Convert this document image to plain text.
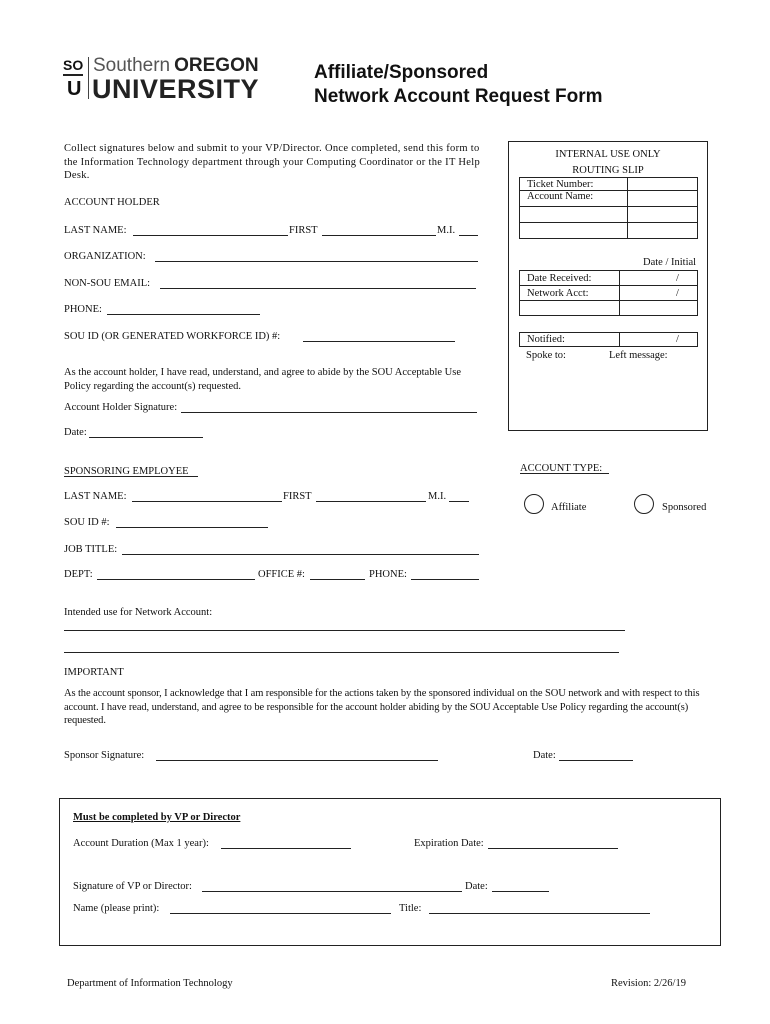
SO
U
Southern OREGON
UNIVERSITY
Affiliate/Sponsored
Network Account Request Form
Collect signatures below and submit to your VP/Director. Once completed, send this form to the Information Technology department through your Computing Coordinator or the IT Help Desk.
ACCOUNT HOLDER
LAST NAME:	FIRST	M.I.
ORGANIZATION:
NON-SOU EMAIL:
PHONE:
SOU ID (OR GENERATED WORKFORCE ID) #:
As the account holder, I have read, understand, and agree to abide by the SOU Acceptable Use Policy regarding the account(s) requested.
Account Holder Signature:
Date:
INTERNAL USE ONLY
ROUTING SLIP
Ticket Number:
Account Name:
Date / Initial
Date Received:	/
Network Acct:	/
Notified:	/
Spoke to:	Left message:
SPONSORING EMPLOYEE
LAST NAME:	FIRST	M.I.
SOU ID #:
JOB TITLE:
DEPT:	OFFICE #:	PHONE:
ACCOUNT TYPE:
Affiliate	Sponsored
Intended use for Network Account:
IMPORTANT
As the account sponsor, I acknowledge that I am responsible for the actions taken by the sponsored individual on the SOU network and with respect to this account. I have read, understand, and agree to be responsible for the account holder abiding by the SOU Acceptable Use Policy regarding the account(s) requested.
Sponsor Signature:	Date:
Must be completed by VP or Director
Account Duration (Max 1 year):	Expiration Date:
Signature of VP or Director:	Date:
Name (please print):	Title:
Department of Information Technology	Revision: 2/26/19
